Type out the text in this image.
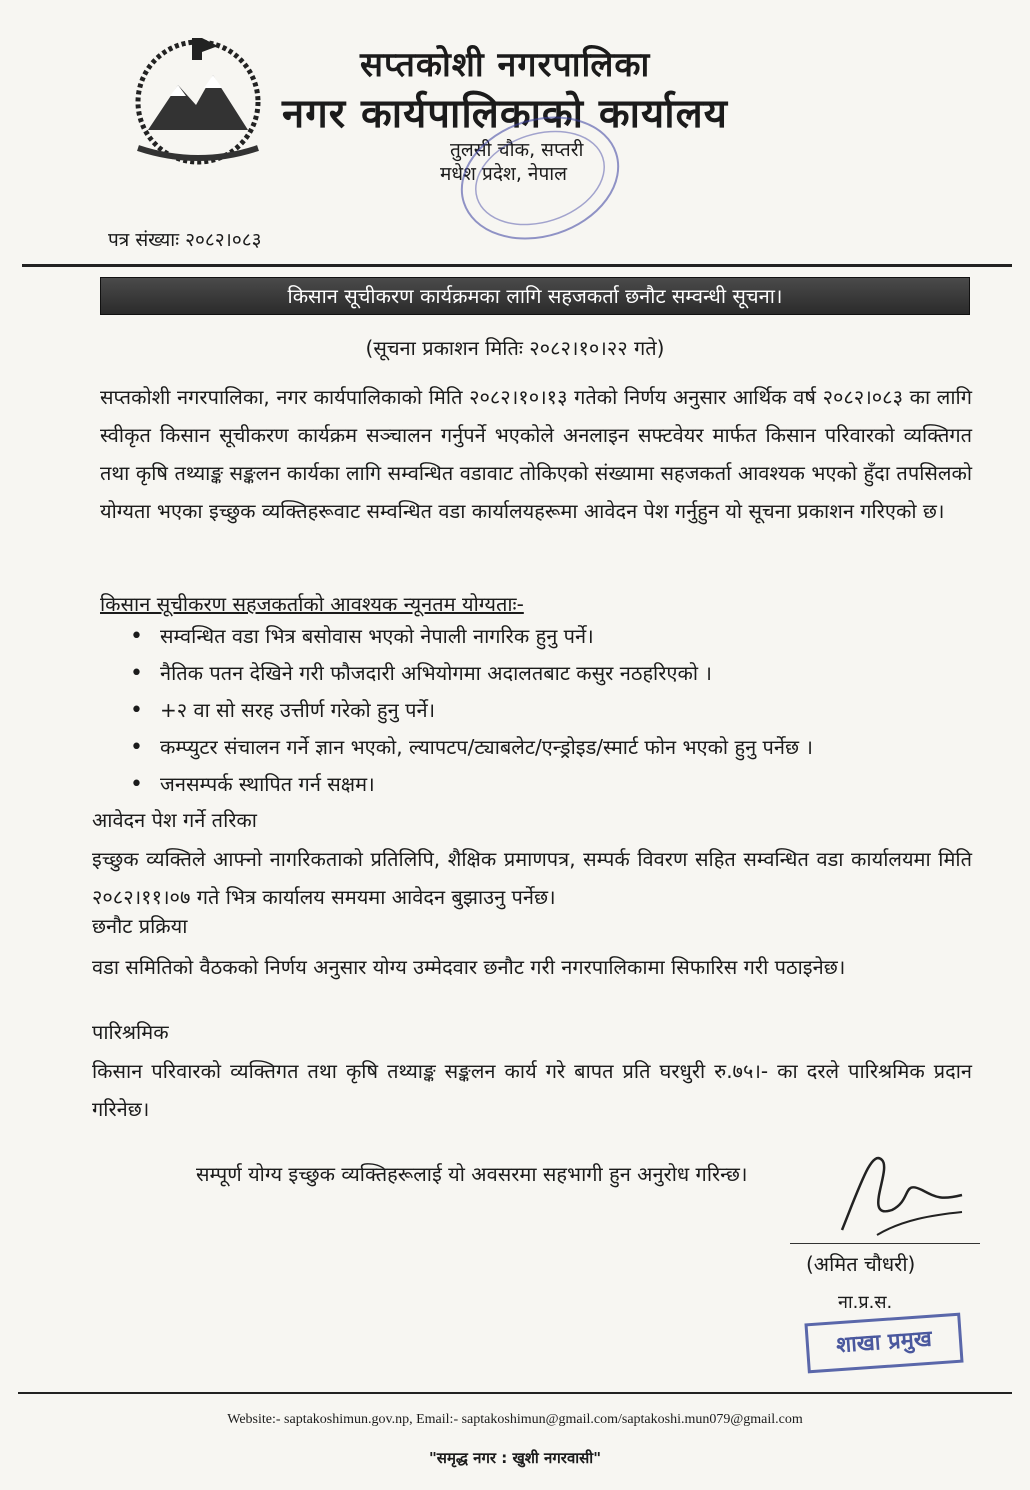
सप्तकोशी नगरपालिका
नगर कार्यपालिकाको कार्यालय
तुलसी चौक, सप्तरी
मधेश प्रदेश, नेपाल
पत्र संख्याः २०८२।०८३
किसान सूचीकरण कार्यक्रमका लागि सहजकर्ता छनौट सम्वन्धी सूचना।
(सूचना प्रकाशन मितिः २०८२।१०।२२ गते)
सप्तकोशी नगरपालिका, नगर कार्यपालिकाको मिति २०८२।१०।१३ गतेको निर्णय अनुसार आर्थिक वर्ष २०८२।०८३ का लागि स्वीकृत किसान सूचीकरण कार्यक्रम सञ्चालन गर्नुपर्ने भएकोले अनलाइन सफ्टवेयर मार्फत किसान परिवारको व्यक्तिगत तथा कृषि तथ्याङ्क सङ्कलन कार्यका लागि सम्वन्धित वडावाट तोकिएको संख्यामा सहजकर्ता आवश्यक भएको हुँदा तपसिलको योग्यता भएका इच्छुक व्यक्तिहरूवाट सम्वन्धित वडा कार्यालयहरूमा आवेदन पेश गर्नुहुन यो सूचना प्रकाशन गरिएको छ।
किसान सूचीकरण सहजकर्ताको आवश्यक न्यूनतम योग्यताः-
• सम्वन्धित वडा भित्र बसोवास भएको नेपाली नागरिक हुनु पर्ने।
• नैतिक पतन देखिने गरी फौजदारी अभियोगमा अदालतबाट कसुर नठहरिएको ।
• +२ वा सो सरह उत्तीर्ण गरेको हुनु पर्ने।
• कम्प्युटर संचालन गर्ने ज्ञान भएको, ल्यापटप/ट्याबलेट/एन्ड्रोइड/स्मार्ट फोन भएको हुनु पर्नेछ ।
• जनसम्पर्क स्थापित गर्न सक्षम।
आवेदन पेश गर्ने तरिका
इच्छुक व्यक्तिले आफ्नो नागरिकताको प्रतिलिपि, शैक्षिक प्रमाणपत्र, सम्पर्क विवरण सहित सम्वन्धित वडा कार्यालयमा मिति २०८२।११।०७ गते भित्र कार्यालय समयमा आवेदन बुझाउनु पर्नेछ।
छनौट प्रक्रिया
वडा समितिको वैठकको निर्णय अनुसार योग्य उम्मेदवार छनौट गरी नगरपालिकामा सिफारिस गरी पठाइनेछ।
पारिश्रमिक
किसान परिवारको व्यक्तिगत तथा कृषि तथ्याङ्क सङ्कलन कार्य गरे बापत प्रति घरधुरी रु.७५।- का दरले पारिश्रमिक प्रदान गरिनेछ।
सम्पूर्ण योग्य इच्छुक व्यक्तिहरूलाई यो अवसरमा सहभागी हुन अनुरोध गरिन्छ।
(अमित चौधरी)
ना.प्र.स.
शाखा प्रमुख
Website:- saptakoshimun.gov.np, Email:- saptakoshimun@gmail.com/saptakoshi.mun079@gmail.com
"समृद्ध नगर : खुशी नगरवासी"
